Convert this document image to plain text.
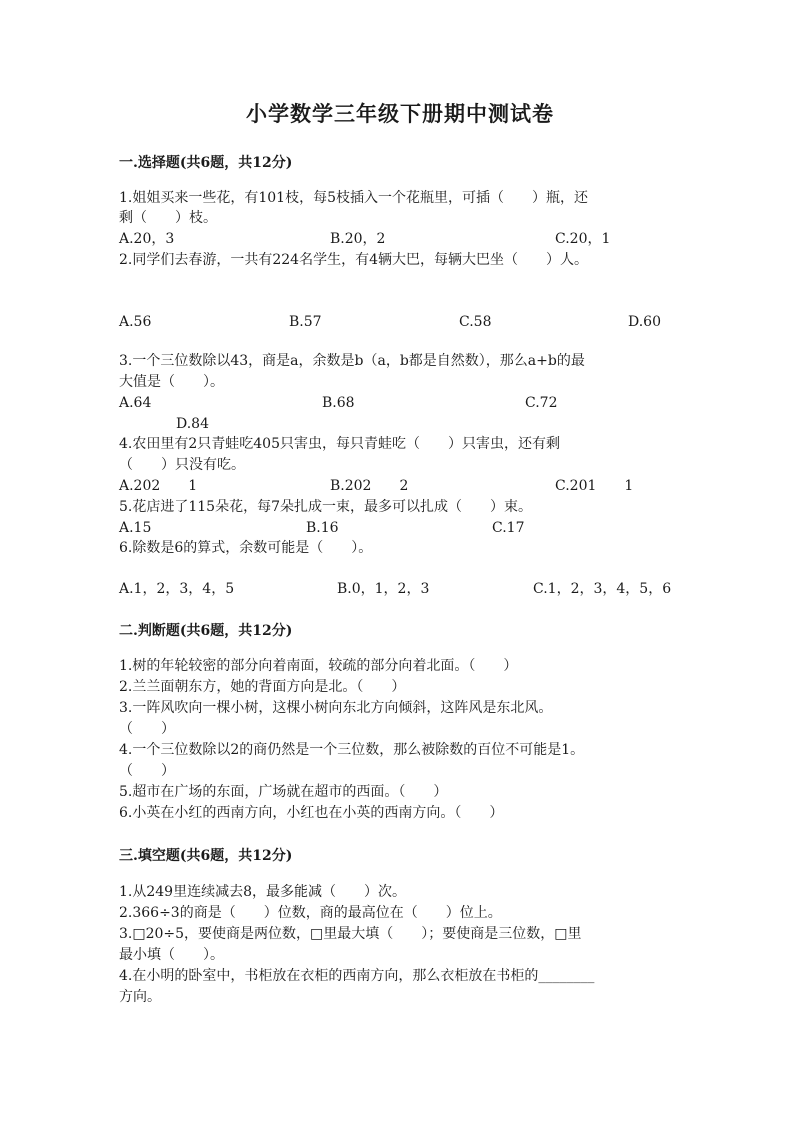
小学数学三年级下册期中测试卷
一.选择题(共6题，共12分)
1.姐姐买来一些花，有101枝，每5枝插入一个花瓶里，可插（　　）瓶，还
剩（　　）枝。
A.20，3	B.20，2	C.20，1
2.同学们去春游，一共有224名学生，有4辆大巴，每辆大巴坐（　　）人。
A.56	B.57	C.58	D.60
3.一个三位数除以43，商是a，余数是b（a，b都是自然数），那么a+b的最
大值是（　　）。
A.64	B.68	C.72
D.84
4.农田里有2只青蛙吃405只害虫，每只青蛙吃（　　）只害虫，还有剩
（　　）只没有吃。
A.202　　1	B.202　　2	C.201　　1
5.花店进了115朵花，每7朵扎成一束，最多可以扎成（　　）束。
A.15	B.16	C.17
6.除数是6的算式，余数可能是（　　）。
A.1，2，3，4，5	B.0，1，2，3	C.1，2，3，4，5，6
二.判断题(共6题，共12分)
1.树的年轮较密的部分向着南面，较疏的部分向着北面。（　　）
2.兰兰面朝东方，她的背面方向是北。（　　）
3.一阵风吹向一棵小树，这棵小树向东北方向倾斜，这阵风是东北风。
（　　）
4.一个三位数除以2的商仍然是一个三位数，那么被除数的百位不可能是1。
（　　）
5.超市在广场的东面，广场就在超市的西面。（　　）
6.小英在小红的西南方向，小红也在小英的西南方向。（　　）
三.填空题(共6题，共12分)
1.从249里连续减去8，最多能减（　　）次。
2.366÷3的商是（　　）位数，商的最高位在（　　）位上。
3.□20÷5，要使商是两位数，□里最大填（　　）；要使商是三位数，□里
最小填（　　）。
4.在小明的卧室中，书柜放在衣柜的西南方向，那么衣柜放在书柜的________
方向。
